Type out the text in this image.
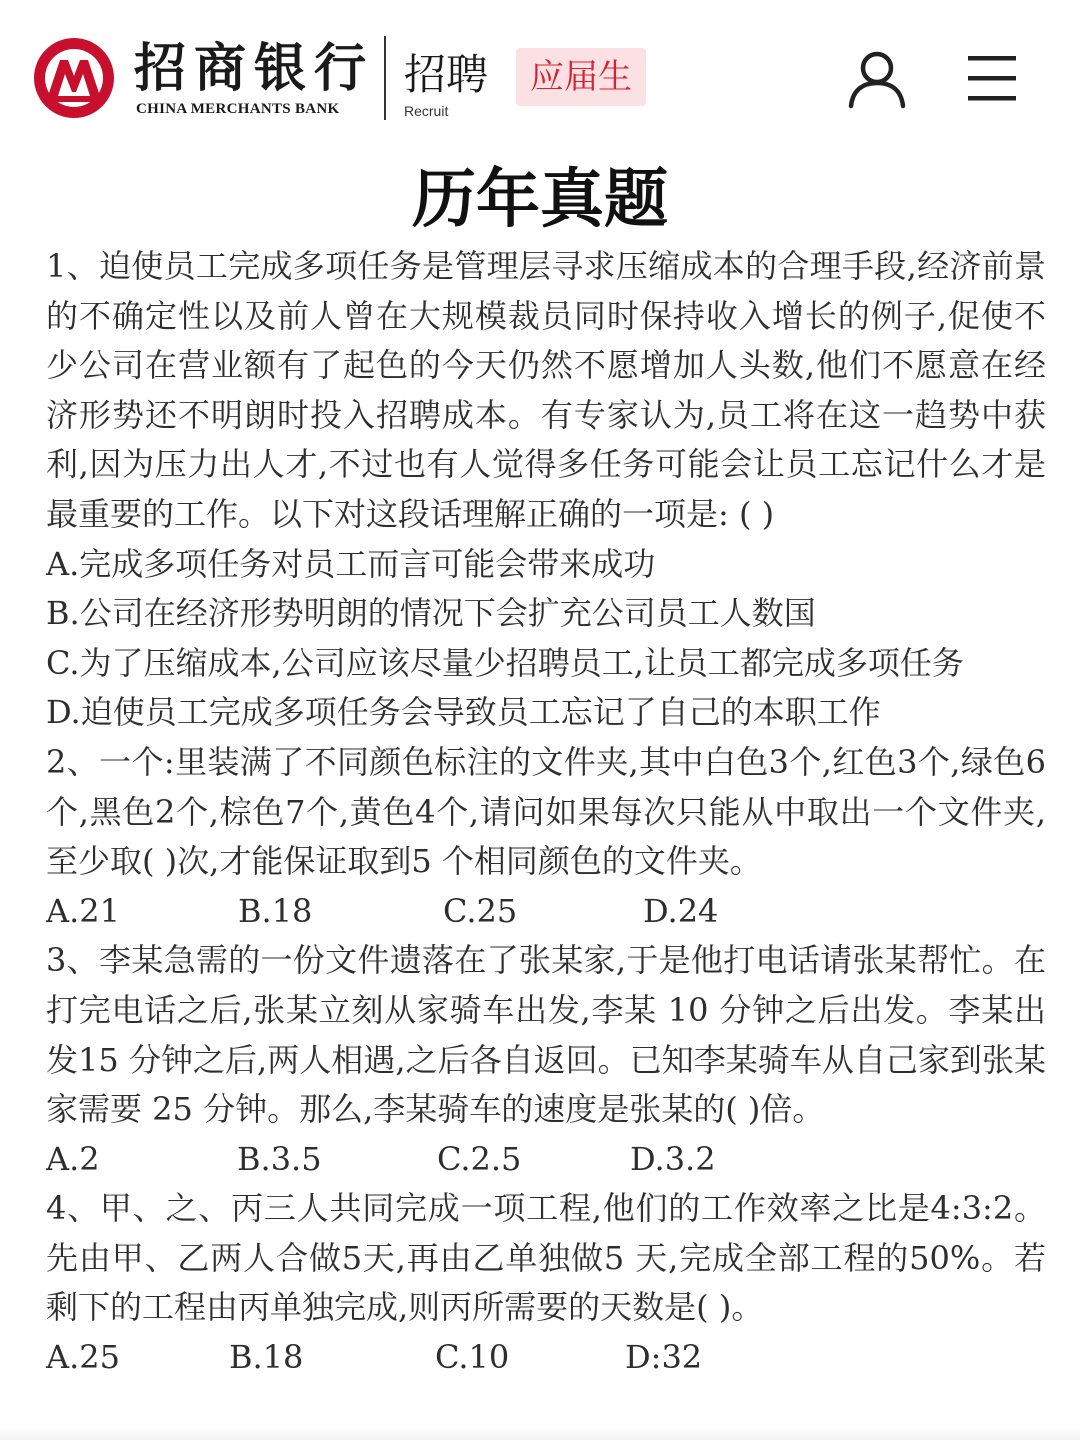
招商银行
CHINA MERCHANTS BANK
招聘
Recruit
应届生
历年真题
1、迫使员工完成多项任务是管理层寻求压缩成本的合理手段,经济前景的不确定性以及前人曾在大规模裁员同时保持收入增长的例子,促使不少公司在营业额有了起色的今天仍然不愿增加人头数,他们不愿意在经济形势还不明朗时投入招聘成本。有专家认为,员工将在这一趋势中获利,因为压力出人才,不过也有人觉得多任务可能会让员工忘记什么才是最重要的工作。以下对这段话理解正确的一项是: ( )
A.完成多项任务对员工而言可能会带来成功
B.公司在经济形势明朗的情况下会扩充公司员工人数国
C.为了压缩成本,公司应该尽量少招聘员工,让员工都完成多项任务
D.迫使员工完成多项任务会导致员工忘记了自己的本职工作
2、一个:里装满了不同颜色标注的文件夹,其中白色3个,红色3个,绿色6个,黑色2个,棕色7个,黄色4个,请问如果每次只能从中取出一个文件夹,至少取( )次,才能保证取到5 个相同颜色的文件夹。
A.21	B.18	C.25	D.24
3、李某急需的一份文件遗落在了张某家,于是他打电话请张某帮忙。在打完电话之后,张某立刻从家骑车出发,李某 10 分钟之后出发。李某出发15 分钟之后,两人相遇,之后各自返回。已知李某骑车从自己家到张某家需要 25 分钟。那么,李某骑车的速度是张某的( )倍。
A.2	B.3.5	C.2.5	D.3.2
4、甲、之、丙三人共同完成一项工程,他们的工作效率之比是4:3:2。先由甲、乙两人合做5天,再由乙单独做5 天,完成全部工程的50%。若剩下的工程由丙单独完成,则丙所需要的天数是( )。
A.25	B.18	C.10	D:32
